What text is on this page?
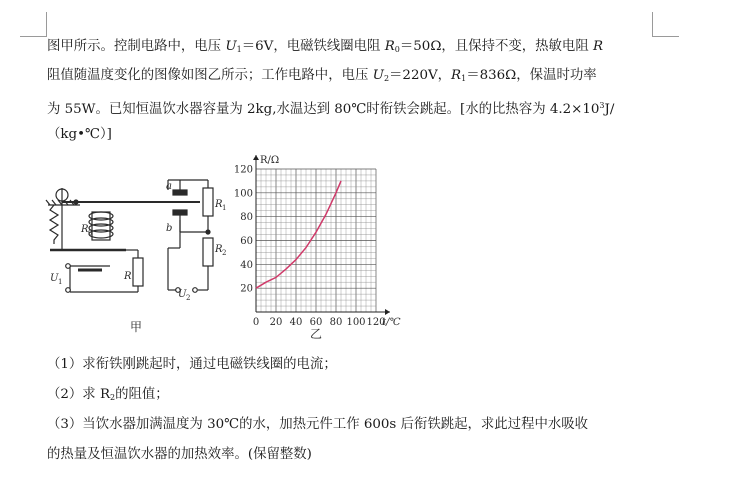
图甲所示。控制电路中，电压 $U_1=6V$，电磁铁线圈电阻 $R_0=50\Omega$，且保持不变，热敏电阻 R
阻值随温度变化的图像如图乙所示；工作电路中，电压 $U_2=220V$，$R_1=836\Omega$，保温时功率
为 55W。已知恒温饮水器容量为 2kg,水温达到 80℃时衔铁会跳起。[水的比热容为 $4.2\times 10^3J/$
（kg•℃）]
a
b
R 0
R
R 1
R 2
U 1
U 2
甲	0 20 40 60 80 100 120
20
40
60
80
100
120
R/Ω
t/℃
乙
（1）求衔铁刚跳起时，通过电磁铁线圈的电流；
（2）求 $R_2$的阻值；
（3）当饮水器加满温度为 30℃的水，加热元件工作 600s 后衔铁跳起，求此过程中水吸收
的热量及恒温饮水器的加热效率。(保留整数)
